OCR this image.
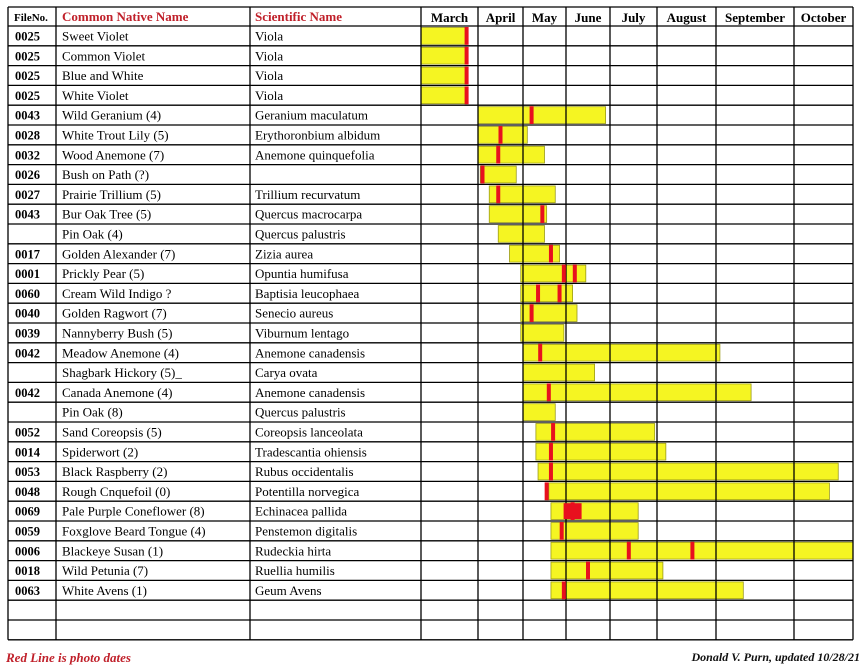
FileNo. Common Native Name	Scientific Name	March April May June July August September October
0025 Sweet Violet	Viola
0025 Common Violet	Viola
0025 Blue and White	Viola
0025 White Violet	Viola
0043 Wild Geranium (4)	Geranium maculatum
0028 White Trout Lily (5)	Erythoronbium albidum
0032 Wood Anemone (7)	Anemone quinquefolia
0026 Bush on Path (?)
0027 Prairie Trillium (5)	Trillium recurvatum
0043 Bur Oak Tree (5)	Quercus macrocarpa
Pin Oak (4)	Quercus palustris
0017 Golden Alexander (7)	Zizia aurea
0001 Prickly Pear (5)	Opuntia humifusa
0060 Cream Wild Indigo ?	Baptisia leucophaea
0040 Golden Ragwort (7)	Senecio aureus
0039 Nannyberry Bush (5)	Viburnum lentago
0042 Meadow Anemone (4)	Anemone canadensis
Shagbark Hickory (5)_	Carya ovata
0042 Canada Anemone (4)	Anemone canadensis
Pin Oak (8)	Quercus palustris
0052 Sand Coreopsis (5)	Coreopsis lanceolata
0014 Spiderwort (2)	Tradescantia ohiensis
0053 Black Raspberry (2)	Rubus occidentalis
0048 Rough Cnquefoil (0)	Potentilla norvegica
0069 Pale Purple Coneflower (8)	Echinacea pallida
0059 Foxglove Beard Tongue (4)	Penstemon digitalis
0006 Blackeye Susan (1)	Rudeckia hirta
0018 Wild Petunia (7)	Ruellia humilis
0063 White Avens (1)	Geum Avens
Red Line is photo dates	Donald V. Purn, updated 10/28/21
